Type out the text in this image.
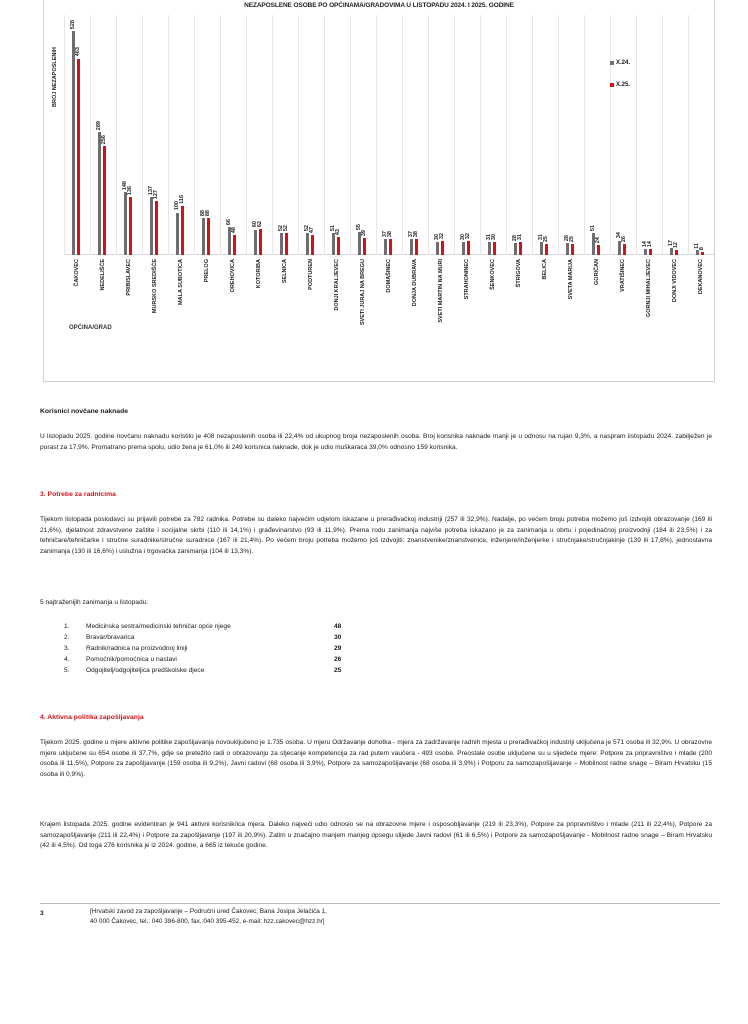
NEZAPOSLENE OSOBE PO OPĆINAMA/GRADOVIMA U LISTOPADU 2024. I 2025. GODINE
BROJ NEZAPOSLENIH
528
463
289
256
148
136	137 127
100
116
88 88
66
48
60 62
52 52	52 47	51
43
55
39	37 38	37 38
30 32	30 32	31 30	28 31	31 25	28 25
51
24
34
26
14 14	17 12	11 8
ČAKOVEC	NEDELIŠĆE	PRIBISLAVEC	MURSKO SREDIŠĆE	MALA SUBOTICA	PRELOG	OREHOVICA	KOTORIBA	SELNICA	PODTUREN	DONJI KRALJEVEC	SVETI JURAJ NA BREGU	DOMAŠINEC	DONJA DUBRAVA	SVETI MARTIN NA MURI	STRAHONINEC	ŠENKOVEC	ŠTRIGOVA	BELICA	SVETA MARIJA	GORIČAN	VRATIŠINEC	GORNJI MIHALJEVEC	DONJI VIDOVEC	DEKANOVEC
OPĆINA/GRAD
X.24.
X.25.
Korisnici novčane naknade
U listopadu 2025. godine novčanu naknadu koristilo je 408 nezaposlenih osoba ili 22,4% od ukupnog broja nezaposlenih osoba. Broj korisnika naknade manji je u odnosu na rujan 9,3%, a naspram listopadu 2024. zabilježen je porast za 17,9%. Promatrano prema spolu, udio žena je 61,0% ili 249 korisnica naknade, dok je udio muškaraca 39,0% odnosno 159 korisnika.
3. Potrebe za radnicima
Tijekom listopada poslodavci su prijavili potrebe za 782 radnika. Potrebe su daleko najvećim udjelom iskazane u prerađivačkoj industriji (257 ili 32,9%). Nadalje, po većem broju potreba možemo još izdvojiti obrazovanje (169 ili 21,6%), djelatnost zdravstvene zaštite i socijalne skrbi (110 ili 14,1%) i građevinarstvo (93 ili 11,9%). Prema rodu zanimanja najviše potreba iskazano je za zanimanja u obrtu i pojedinačnoj proizvodnji (184 ili 23,5%) i za tehničare/tehničarke i stručne suradnike/stručne suradnice (167 ili 21,4%). Po većem broju potreba možemo još izdvojiti: znanstvenike/znanstvenice, inženjere/inženjerke i stručnjake/stručnjakinje (139 ili 17,8%), jednostavna zanimanja (130 ili 16,6%) i uslužna i trgovačka zanimanja (104 ili 13,3%).
5 najtraženijih zanimanja u listopadu:
1.	Medicinska sestra/medicinski tehničar opće njege	48
2.	Bravar/bravarica	30
3.	Radnik/radnica na proizvodnoj liniji	29
4.	Pomoćnik/pomoćnica u nastavi	26
5.	Odgojitelj/odgojiteljica predškolske djece	25
4. Aktivna politika zapošljavanja
Tijekom 2025. godine u mjere aktivne politike zapošljavanja novouključeno je 1.735 osoba. U mjeru Održavanje dohotka - mjera za zadržavanje radnih mjesta u prerađivačkoj industriji uključena je 571 osoba ili 32,9%. U obrazovne mjere uključene su 654 osobe ili 37,7%, gdje se pretežito radi o obrazovanju za stjecanje kompetencija za rad putem vaučera - 493 osobe. Preostale osobe uključene su u sljedeće mjere: Potpore za pripravništvo i mlade (200 osoba ili 11,5%), Potpore za zapošljavanje (159 osoba ili 9,2%), Javni radovi (68 osoba ili 3,9%), Potpore za samozapošljavanje (68 osoba ili 3,9%) i Potporu za samozapošljavanje – Mobilnost radne snage – Biram Hrvatsku (15 osoba ili 0,9%).
Krajem listopada 2025. godine evidentiran je 941 aktivni korisnik/ica mjera. Daleko najveći udio odnosio se na obrazovne mjere i osposobljavanje (219 ili 23,3%), Potpore za pripravništvo i mlade (211 ili 22,4%), Potpore za samozapošljavanje (211 ili 22,4%) i Potpore za zapošljavanje (197 ili 20,9%). Zatim u značajno manjem manjeg opsegu slijede Javni radovi (61 ili 6,5%) i Potpore za samozapošljavanje - Mobilnost radne snage – Biram Hrvatsku (42 ili 4,5%). Od toga 276 korisnika je iz 2024. godine, a 665 iz tekuće godine.
3	[Hrvatski zavod za zapošljavanje – Područni ured Čakovec, Bana Josipa Jelačića 1,
40 000 Čakovec, tel.: 040 396-800, fax.:040 395-452, e-mail: hzz.cakovec@hzz.hr]
